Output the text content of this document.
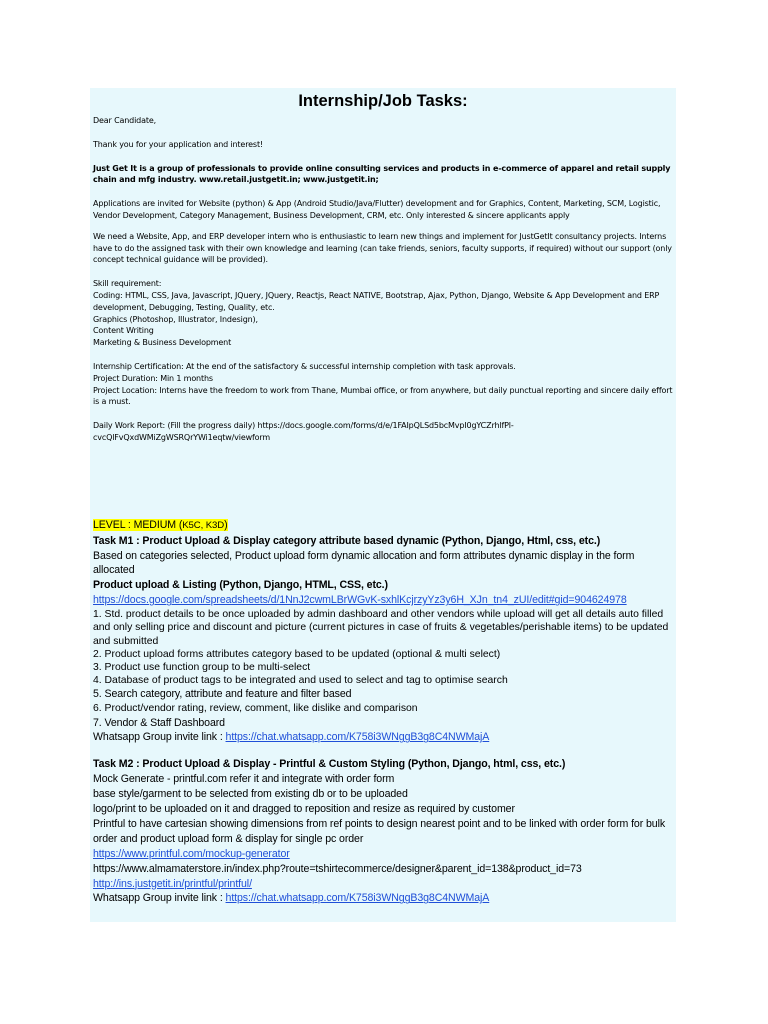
Internship/Job Tasks:

Dear Candidate,

Thank you for your application and interest!

Just Get It is a group of professionals to provide online consulting services and products in e-commerce of apparel and retail supply chain and mfg industry. www.retail.justgetit.in; www.justgetit.in;

Applications are invited for Website (python) & App (Android Studio/Java/Flutter) development and for Graphics, Content, Marketing, SCM, Logistic, Vendor Development, Category Management, Business Development, CRM, etc. Only interested & sincere applicants apply

We need a Website, App, and ERP developer intern who is enthusiastic to learn new things and implement for JustGetIt consultancy projects. Interns have to do the assigned task with their own knowledge and learning (can take friends, seniors, faculty supports, if required) without our support (only concept technical guidance will be provided).

Skill requirement:

Coding: HTML, CSS, Java, Javascript, JQuery, JQuery, Reactjs, React NATIVE, Bootstrap, Ajax, Python, Django, Website & App Development and ERP development, Debugging, Testing, Quality, etc.

Graphics (Photoshop, Illustrator, Indesign),

Content Writing

Marketing & Business Development

Internship Certification: At the end of the satisfactory & successful internship completion with task approvals.

Project Duration: Min 1 months

Project Location: Interns have the freedom to work from Thane, Mumbai office, or from anywhere, but daily punctual reporting and sincere daily effort is a must.

Daily Work Report: (Fill the progress daily) https://docs.google.com/forms/d/e/1FAIpQLSd5bcMvpI0gYCZrhlfPl-cvcQlFvQxdWMiZgWSRQrYWi1eqtw/viewform

LEVEL : MEDIUM (K5C, K3D)

Task M1 : Product Upload & Display category attribute based dynamic (Python, Django, Html, css, etc.)

Based on categories selected, Product upload form dynamic allocation and form attributes dynamic display in the form allocated

Product upload & Listing (Python, Django, HTML, CSS, etc.)

https://docs.google.com/spreadsheets/d/1NnJ2cwmLBrWGvK-sxhlKcjrzyYz3y6H_XJn_tn4_zUI/edit#gid=904624978

1. Std. product details to be once uploaded by admin dashboard and other vendors while upload will get all details auto filled and only selling price and discount and picture (current pictures in case of fruits & vegetables/perishable items) to be updated and submitted
2. Product upload forms attributes category based to be updated (optional & multi select)
3. Product use function group to be multi-select
4. Database of product tags to be integrated and used to select and tag to optimise search

5. Search category, attribute and feature and filter based

6. Product/vendor rating, review, comment, like dislike and comparison

7. Vendor & Staff Dashboard

Whatsapp Group invite link : https://chat.whatsapp.com/K758i3WNggB3g8C4NWMajA

Task M2 : Product Upload & Display - Printful & Custom Styling (Python, Django, html, css, etc.)

Mock Generate - printful.com refer it and integrate with order form

base style/garment to be selected from existing db or to be uploaded

logo/print to be uploaded on it and dragged to reposition and resize as required by customer

Printful to have cartesian showing dimensions from ref points to design nearest point and to be linked with order form for bulk order and product upload form & display for single pc order

https://www.printful.com/mockup-generator

https://www.almamaterstore.in/index.php?route=tshirtecommerce/designer&parent_id=138&product_id=73

http://ins.justgetit.in/printful/printful/

Whatsapp Group invite link : https://chat.whatsapp.com/K758i3WNggB3g8C4NWMajA
